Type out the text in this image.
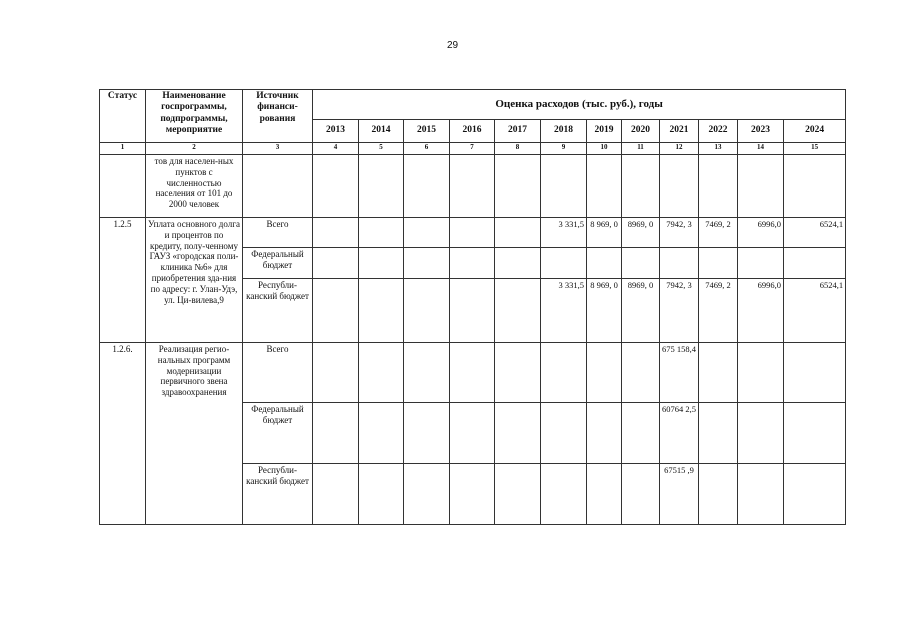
29
Статус	Наименование госпрограммы, подпрограммы, мероприятие	Источник финанси-рования	Оценка расходов (тыс. руб.), годы											
			2013	2014	2015	2016	2017	2018	2019	2020	2021	2022	2023	2024
1	2	3	4	5	6	7	8	9	10	11	12	13	14	15
	тов для населен-ных пунктов с численностью населения от 101 до 2000 человек													
1.2.5	Уплата основного долга и процентов по кредиту, полу-ченному ГАУЗ «городская поли-клиника №6» для приобретения зда-ния по адресу: г. Улан-Удэ, ул. Ци-вилева,9	Всего						3 331,5	8 969, 0	8969, 0	7942, 3	7469, 2	6996,0	6524,1
		Федеральный бюджет												
		Республи-канский бюджет						3 331,5	8 969, 0	8969, 0	7942, 3	7469, 2	6996,0	6524,1
1.2.6.	Реализация регио-нальных программ модернизации первичного звена здравоохранения	Всего									675 158,4			
		Федеральный бюджет									60764 2,5			
		Республи-канский бюджет									67515 ,9			
